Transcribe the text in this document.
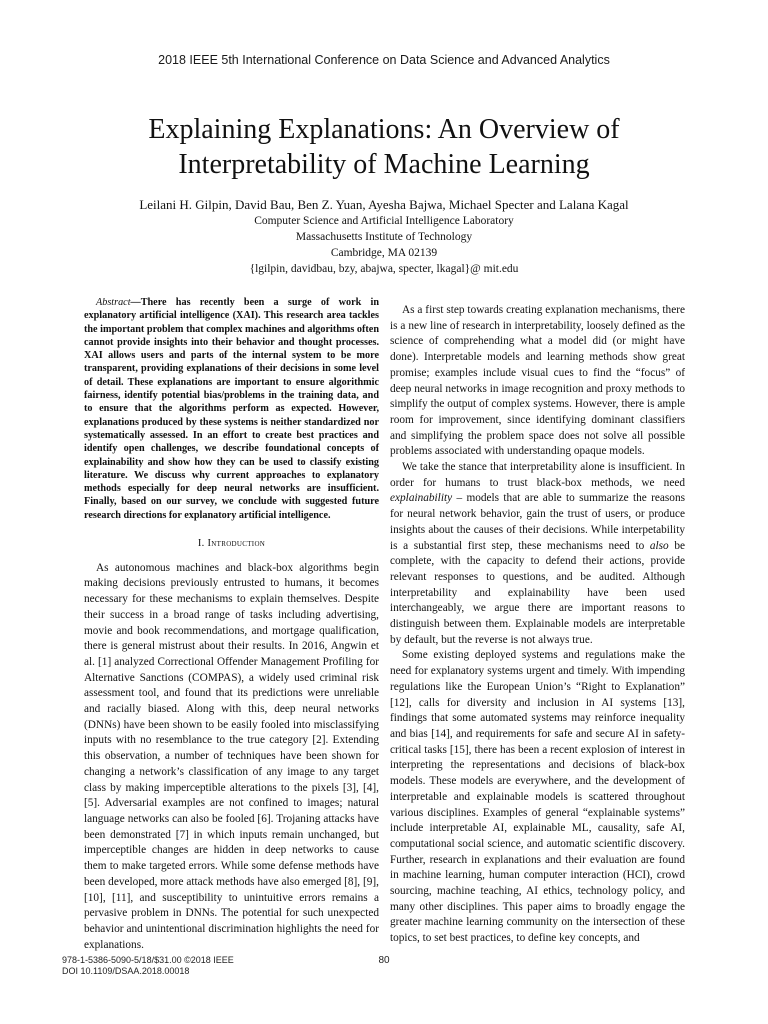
2018 IEEE 5th International Conference on Data Science and Advanced Analytics
Explaining Explanations: An Overview of
Interpretability of Machine Learning
Leilani H. Gilpin, David Bau, Ben Z. Yuan, Ayesha Bajwa, Michael Specter and Lalana Kagal
Computer Science and Artificial Intelligence Laboratory
Massachusetts Institute of Technology
Cambridge, MA 02139
{lgilpin, davidbau, bzy, abajwa, specter, lkagal}@ mit.edu

Abstract—There has recently been a surge of work in explanatory artificial intelligence (XAI). This research area tackles the important problem that complex machines and algorithms often cannot provide insights into their behavior and thought processes. XAI allows users and parts of the internal system to be more transparent, providing explanations of their decisions in some level of detail. These explanations are important to ensure algorithmic fairness, identify potential bias/problems in the training data, and to ensure that the algorithms perform as expected. However, explanations produced by these systems is neither standardized nor systematically assessed. In an effort to create best practices and identify open challenges, we describe foundational concepts of explainability and show how they can be used to classify existing literature. We discuss why current approaches to explanatory methods especially for deep neural networks are insufficient. Finally, based on our survey, we conclude with suggested future research directions for explanatory artificial intelligence.

I. Introduction

As autonomous machines and black-box algorithms begin making decisions previously entrusted to humans, it becomes necessary for these mechanisms to explain themselves. Despite their success in a broad range of tasks including advertising, movie and book recommendations, and mortgage qualification, there is general mistrust about their results. In 2016, Angwin et al. [1] analyzed Correctional Offender Management Profiling for Alternative Sanctions (COMPAS), a widely used criminal risk assessment tool, and found that its predictions were unreliable and racially biased. Along with this, deep neural networks (DNNs) have been shown to be easily fooled into misclassifying inputs with no resemblance to the true category [2]. Extending this observation, a number of techniques have been shown for changing a network’s classification of any image to any target class by making imperceptible alterations to the pixels [3], [4], [5]. Adversarial examples are not confined to images; natural language networks can also be fooled [6]. Trojaning attacks have been demonstrated [7] in which inputs remain unchanged, but imperceptible changes are hidden in deep networks to cause them to make targeted errors. While some defense methods have been developed, more attack methods have also emerged [8], [9], [10], [11], and susceptibility to unintuitive errors remains a pervasive problem in DNNs. The potential for such unexpected behavior and unintentional discrimination highlights the need for explanations.

As a first step towards creating explanation mechanisms, there is a new line of research in interpretability, loosely defined as the science of comprehending what a model did (or might have done). Interpretable models and learning methods show great promise; examples include visual cues to find the “focus” of deep neural networks in image recognition and proxy methods to simplify the output of complex systems. However, there is ample room for improvement, since identifying dominant classifiers and simplifying the problem space does not solve all possible problems associated with understanding opaque models.

We take the stance that interpretability alone is insufficient. In order for humans to trust black-box methods, we need explainability – models that are able to summarize the reasons for neural network behavior, gain the trust of users, or produce insights about the causes of their decisions. While interpetability is a substantial first step, these mechanisms need to also be complete, with the capacity to defend their actions, provide relevant responses to questions, and be audited. Although interpretability and explainability have been used interchangeably, we argue there are important reasons to distinguish between them. Explainable models are interpretable by default, but the reverse is not always true.

Some existing deployed systems and regulations make the need for explanatory systems urgent and timely. With impending regulations like the European Union’s “Right to Explanation” [12], calls for diversity and inclusion in AI systems [13], findings that some automated systems may reinforce inequality and bias [14], and requirements for safe and secure AI in safety-critical tasks [15], there has been a recent explosion of interest in interpreting the representations and decisions of black-box models. These models are everywhere, and the development of interpretable and explainable models is scattered throughout various disciplines. Examples of general “explainable systems” include interpretable AI, explainable ML, causality, safe AI, computational social science, and automatic scientific discovery. Further, research in explanations and their evaluation are found in machine learning, human computer interaction (HCI), crowd sourcing, machine teaching, AI ethics, technology policy, and many other disciplines. This paper aims to broadly engage the greater machine learning community on the intersection of these topics, to set best practices, to define key concepts, and

978-1-5386-5090-5/18/$31.00 ©2018 IEEE
DOI 10.1109/DSAA.2018.00018
80
